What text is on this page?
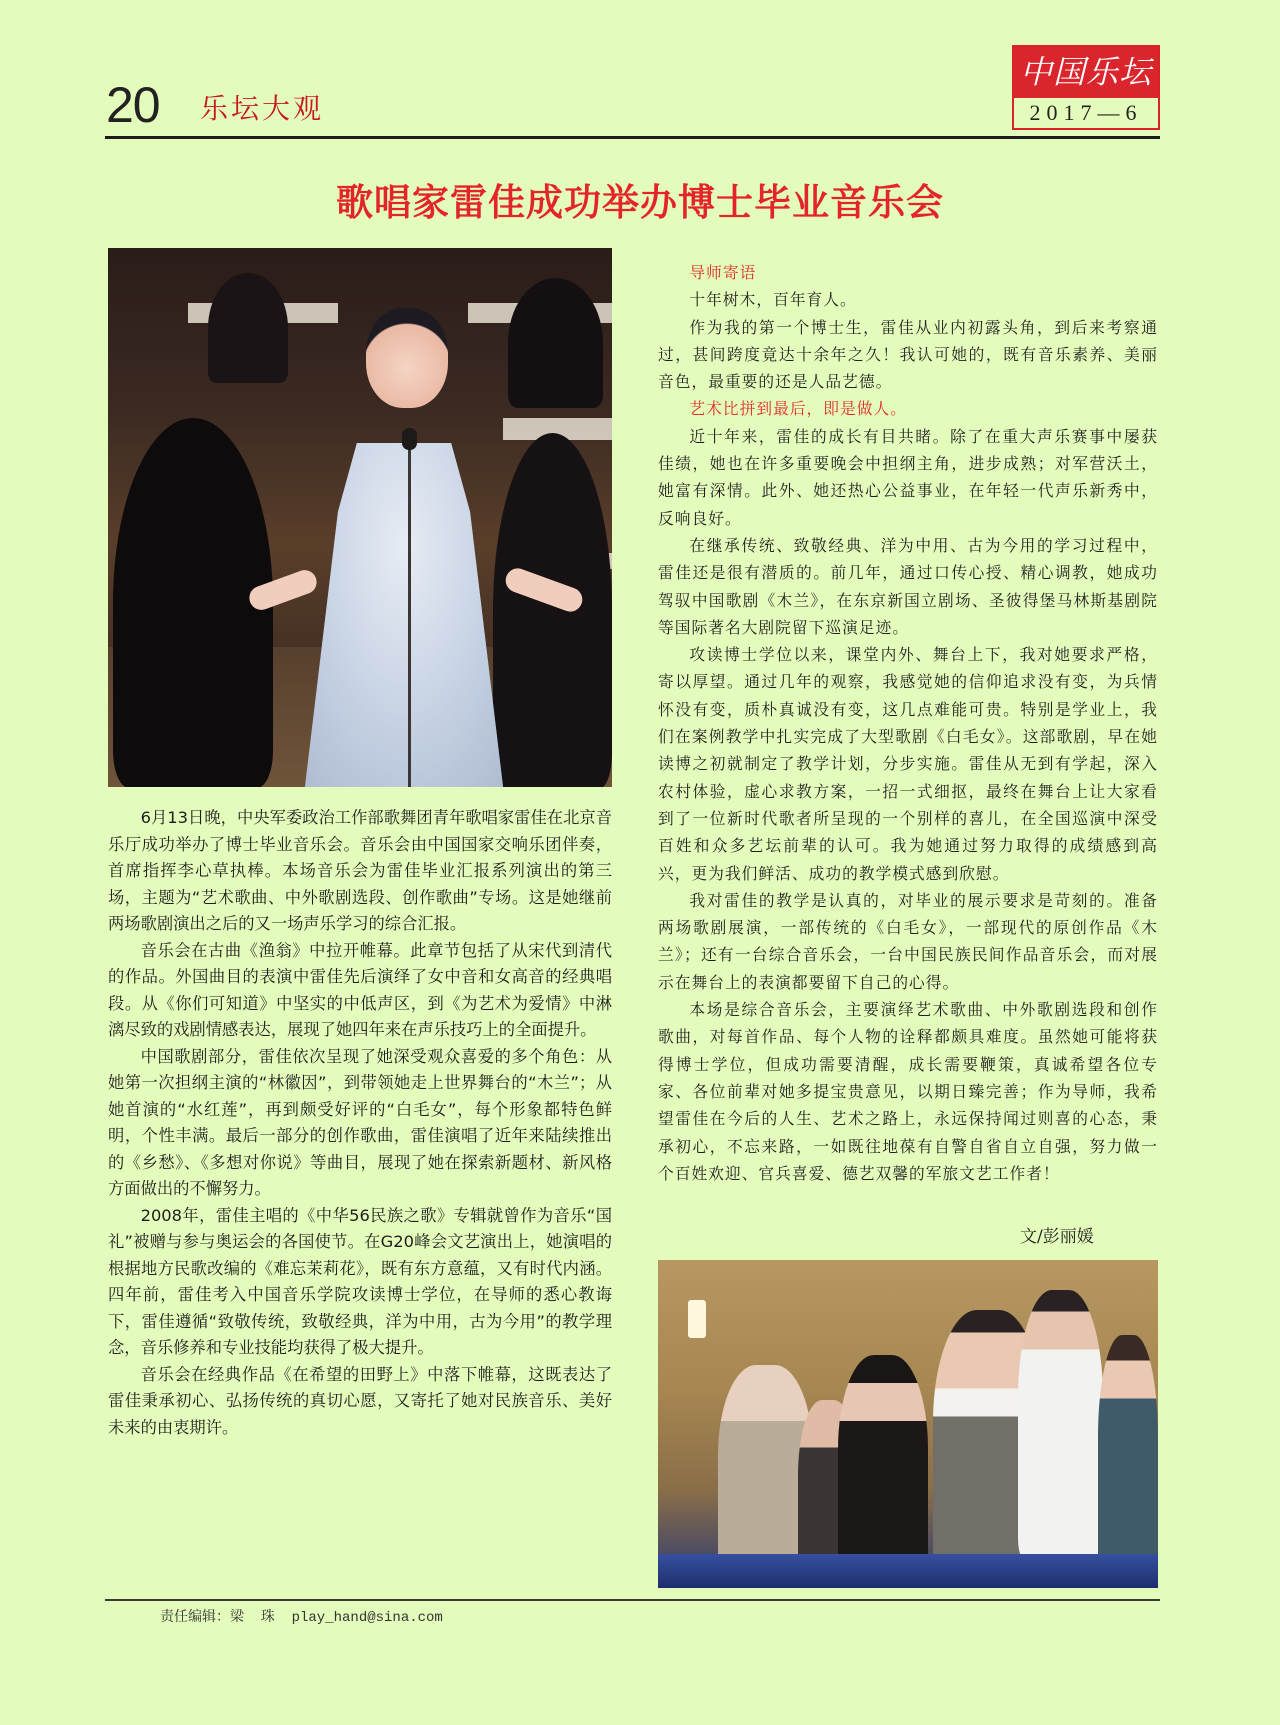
20 乐坛大观
中国乐坛
2017—6
歌唱家雷佳成功举办博士毕业音乐会

6月13日晚，中央军委政治工作部歌舞团青年歌唱家雷佳在北京音乐厅成功举办了博士毕业音乐会。音乐会由中国国家交响乐团伴奏，首席指挥李心草执棒。本场音乐会为雷佳毕业汇报系列演出的第三场，主题为“艺术歌曲、中外歌剧选段、创作歌曲”专场。这是她继前两场歌剧演出之后的又一场声乐学习的综合汇报。

音乐会在古曲《渔翁》中拉开帷幕。此章节包括了从宋代到清代的作品。外国曲目的表演中雷佳先后演绎了女中音和女高音的经典唱段。从《你们可知道》中坚实的中低声区，到《为艺术为爱情》中淋漓尽致的戏剧情感表达，展现了她四年来在声乐技巧上的全面提升。

中国歌剧部分，雷佳依次呈现了她深受观众喜爱的多个角色：从她第一次担纲主演的“林徽因”，到带领她走上世界舞台的“木兰”；从她首演的“水红莲”，再到颇受好评的“白毛女”，每个形象都特色鲜明，个性丰满。最后一部分的创作歌曲，雷佳演唱了近年来陆续推出的《乡愁》、《多想对你说》等曲目，展现了她在探索新题材、新风格方面做出的不懈努力。

2008年，雷佳主唱的《中华56民族之歌》专辑就曾作为音乐“国礼”被赠与参与奥运会的各国使节。在G20峰会文艺演出上，她演唱的根据地方民歌改编的《难忘茉莉花》，既有东方意蕴，又有时代内涵。四年前，雷佳考入中国音乐学院攻读博士学位，在导师的悉心教诲下，雷佳遵循“致敬传统，致敬经典，洋为中用，古为今用”的教学理念，音乐修养和专业技能均获得了极大提升。

音乐会在经典作品《在希望的田野上》中落下帷幕，这既表达了雷佳秉承初心、弘扬传统的真切心愿，又寄托了她对民族音乐、美好未来的由衷期许。

导师寄语

十年树木，百年育人。

作为我的第一个博士生，雷佳从业内初露头角，到后来考察通过，甚间跨度竟达十余年之久！我认可她的，既有音乐素养、美丽音色，最重要的还是人品艺德。

艺术比拼到最后，即是做人。

近十年来，雷佳的成长有目共睹。除了在重大声乐赛事中屡获佳绩，她也在许多重要晚会中担纲主角，进步成熟；对军营沃土，她富有深情。此外、她还热心公益事业，在年轻一代声乐新秀中，反响良好。

在继承传统、致敬经典、洋为中用、古为今用的学习过程中，雷佳还是很有潜质的。前几年，通过口传心授、精心调教，她成功驾驭中国歌剧《木兰》，在东京新国立剧场、圣彼得堡马林斯基剧院等国际著名大剧院留下巡演足迹。

攻读博士学位以来，课堂内外、舞台上下，我对她要求严格，寄以厚望。通过几年的观察，我感觉她的信仰追求没有变，为兵情怀没有变，质朴真诚没有变，这几点难能可贵。特别是学业上，我们在案例教学中扎实完成了大型歌剧《白毛女》。这部歌剧，早在她读博之初就制定了教学计划，分步实施。雷佳从无到有学起，深入农村体验，虚心求教方案，一招一式细抠，最终在舞台上让大家看到了一位新时代歌者所呈现的一个别样的喜儿，在全国巡演中深受百姓和众多艺坛前辈的认可。我为她通过努力取得的成绩感到高兴，更为我们鲜活、成功的教学模式感到欣慰。

我对雷佳的教学是认真的，对毕业的展示要求是苛刻的。准备两场歌剧展演，一部传统的《白毛女》，一部现代的原创作品《木兰》；还有一台综合音乐会，一台中国民族民间作品音乐会，而对展示在舞台上的表演都要留下自己的心得。

本场是综合音乐会，主要演绎艺术歌曲、中外歌剧选段和创作歌曲，对每首作品、每个人物的诠释都颇具难度。虽然她可能将获得博士学位，但成功需要清醒，成长需要鞭策，真诚希望各位专家、各位前辈对她多提宝贵意见，以期日臻完善；作为导师，我希望雷佳在今后的人生、艺术之路上，永远保持闻过则喜的心态，秉承初心，不忘来路，一如既往地葆有自警自省自立自强，努力做一个百姓欢迎、官兵喜爱、德艺双馨的军旅文艺工作者！

文/彭丽媛
责任编辑：梁  珠  play_hand@sina.com
